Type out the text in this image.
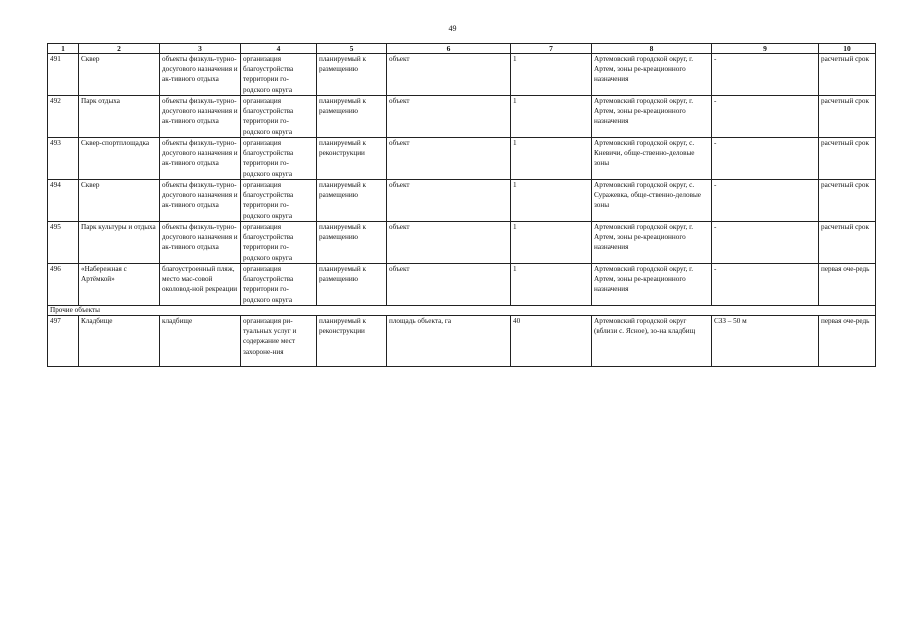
49
1	2	3	4	5	6	7	8	9	10
491	Сквер	объекты физкуль-турно-досугового назначения и ак-тивного отдыха	организация благоустройства территории го-родского округа	планируемый к размещению	объект	1	Артемовский городской округ, г. Артем, зоны ре-креационного назначения	-	расчетный срок
492	Парк отдыха	объекты физкуль-турно-досугового назначения и ак-тивного отдыха	организация благоустройства территории го-родского округа	планируемый к размещению	объект	1	Артемовский городской округ, г. Артем, зоны ре-креационного назначения	-	расчетный срок
493	Сквер-спортплощадка	объекты физкуль-турно-досугового назначения и ак-тивного отдыха	организация благоустройства территории го-родского округа	планируемый к реконструкции	объект	1	Артемовский городской округ, с. Кневичи, обще-ственно-деловые зоны	-	расчетный срок
494	Сквер	объекты физкуль-турно-досугового назначения и ак-тивного отдыха	организация благоустройства территории го-родского округа	планируемый к размещению	объект	1	Артемовский городской округ, с. Суражевка, обще-ственно-деловые зоны	-	расчетный срок
495	Парк культуры и отдыха	объекты физкуль-турно-досугового назначения и ак-тивного отдыха	организация благоустройства территории го-родского округа	планируемый к размещению	объект	1	Артемовский городской округ, г. Артем, зоны ре-креационного назначения	-	расчетный срок
496	«Набережная с Артёмкой»	благоустроенный пляж, место мас-совой околовод-ной рекреации	организация благоустройства территории го-родского округа	планируемый к размещению	объект	1	Артемовский городской округ, г. Артем, зоны ре-креационного назначения	-	первая оче-редь
Прочие объекты									
497	Кладбище	кладбище	организация ри-туальных услуг и содержание мест захороне-ния	планируемый к реконструкции	площадь объекта, га	40	Артемовский городской округ (вблизи с. Ясное), зо-на кладбищ	СЗЗ – 50 м	первая оче-редь
